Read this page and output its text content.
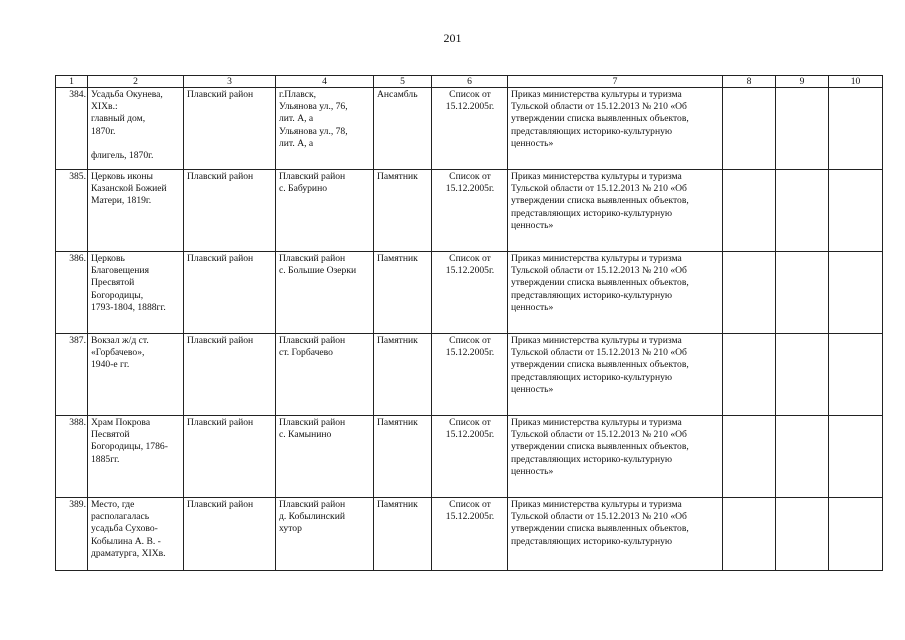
201
1	2	3	4	5	6	7	8	9	10
384.	Усадьба Окунева,
XIXв.:
главный дом,
1870г.

флигель, 1870г.	Плавский район	г.Плавск,
Ульянова ул., 76,
лит. А, а
Ульянова ул., 78,
лит. А, а	Ансамбль	Список от
15.12.2005г.	Приказ министерства культуры и туризма
Тульской области от 15.12.2013 № 210 «Об
утверждении списка выявленных объектов,
представляющих историко-культурную
ценность»			
385.	Церковь иконы
Казанской Божией
Матери, 1819г.	Плавский район	Плавский район
с. Бабурино	Памятник	Список от
15.12.2005г.	Приказ министерства культуры и туризма
Тульской области от 15.12.2013 № 210 «Об
утверждении списка выявленных объектов,
представляющих историко-культурную
ценность»			
386.	Церковь
Благовещения
Пресвятой
Богородицы,
1793-1804, 1888гг.	Плавский район	Плавский район
с. Большие Озерки	Памятник	Список от
15.12.2005г.	Приказ министерства культуры и туризма
Тульской области от 15.12.2013 № 210 «Об
утверждении списка выявленных объектов,
представляющих историко-культурную
ценность»			
387.	Вокзал ж/д ст.
«Горбачево»,
1940-е гг.	Плавский район	Плавский район
ст. Горбачево	Памятник	Список от
15.12.2005г.	Приказ министерства культуры и туризма
Тульской области от 15.12.2013 № 210 «Об
утверждении списка выявленных объектов,
представляющих историко-культурную
ценность»			
388.	Храм Покрова
Песвятой
Богородицы, 1786-
1885гг.	Плавский район	Плавский район
с. Камынино	Памятник	Список от
15.12.2005г.	Приказ министерства культуры и туризма
Тульской области от 15.12.2013 № 210 «Об
утверждении списка выявленных объектов,
представляющих историко-культурную
ценность»			
389.	Место, где
располагалась
усадьба Сухово-
Кобылина А. В. -
драматурга, XIXв.	Плавский район	Плавский район
д. Кобылинский
хутор	Памятник	Список от
15.12.2005г.	Приказ министерства культуры и туризма
Тульской области от 15.12.2013 № 210 «Об
утверждении списка выявленных объектов,
представляющих историко-культурную			
